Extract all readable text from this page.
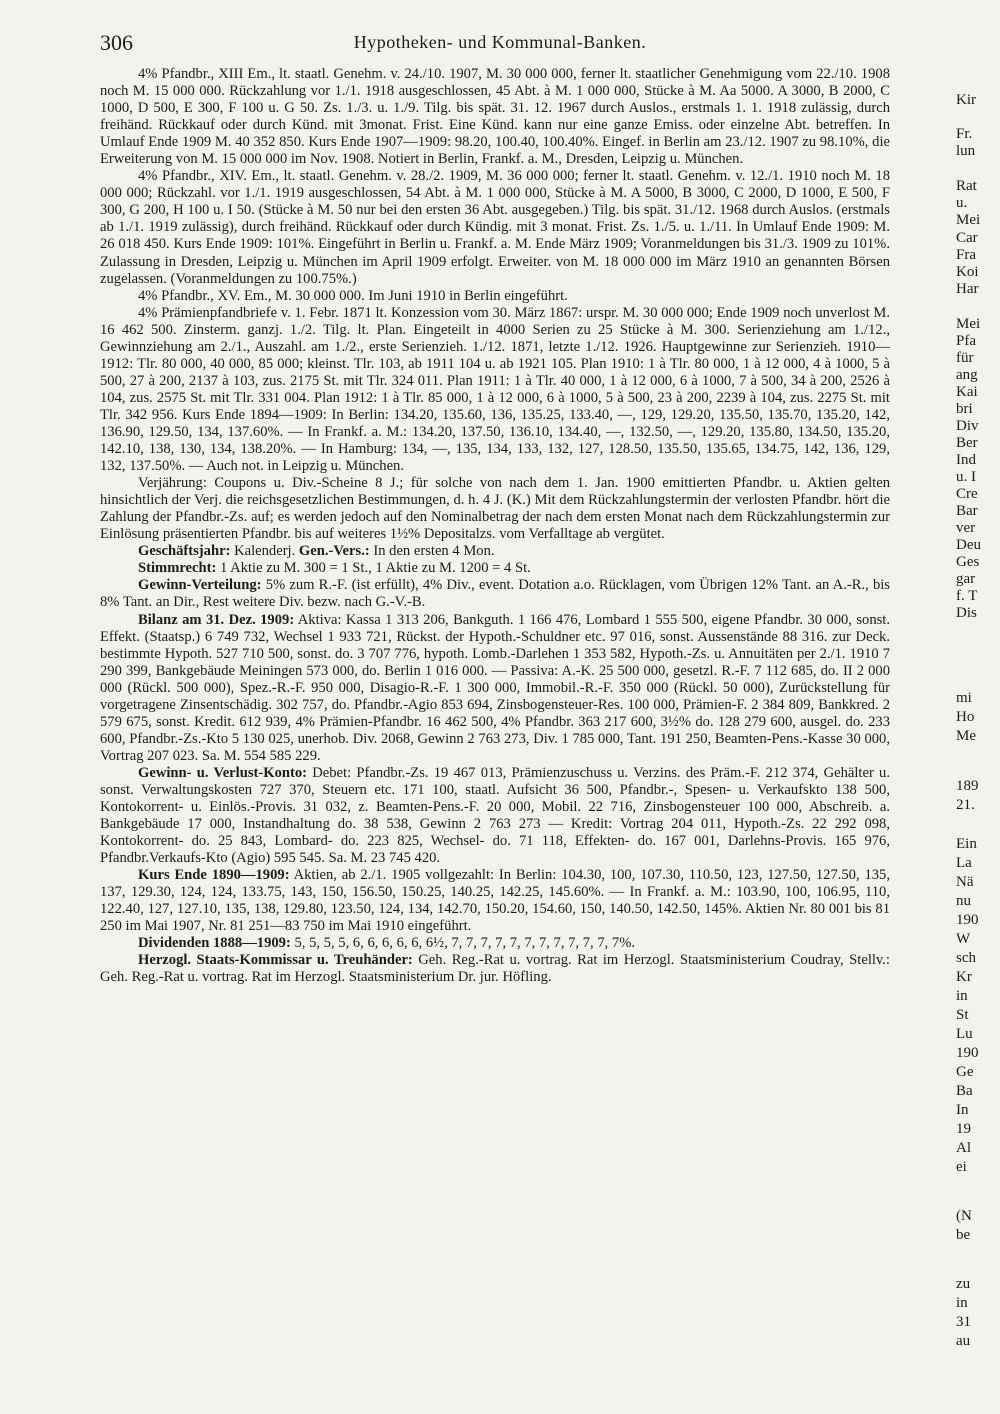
306	Hypotheken- und Kommunal-Banken.

4% Pfandbr., XIII Em., lt. staatl. Genehm. v. 24./10. 1907, M. 30 000 000, ferner lt. staatlicher Genehmigung vom 22./10. 1908 noch M. 15 000 000. Rückzahlung vor 1./1. 1918 ausgeschlossen, 45 Abt. à M. 1 000 000, Stücke à M. Aa 5000. A 3000, B 2000, C 1000, D 500, E 300, F 100 u. G 50. Zs. 1./3. u. 1./9. Tilg. bis spät. 31. 12. 1967 durch Auslos., erstmals 1. 1. 1918 zulässig, durch freihänd. Rückkauf oder durch Künd. mit 3monat. Frist. Eine Künd. kann nur eine ganze Emiss. oder einzelne Abt. betreffen. In Umlauf Ende 1909 M. 40 352 850. Kurs Ende 1907—1909: 98.20, 100.40, 100.40%. Eingef. in Berlin am 23./12. 1907 zu 98.10%, die Erweiterung von M. 15 000 000 im Nov. 1908. Notiert in Berlin, Frankf. a. M., Dresden, Leipzig u. München.

4% Pfandbr., XIV. Em., lt. staatl. Genehm. v. 28./2. 1909, M. 36 000 000; ferner lt. staatl. Genehm. v. 12./1. 1910 noch M. 18 000 000; Rückzahl. vor 1./1. 1919 ausgeschlossen, 54 Abt. à M. 1 000 000, Stücke à M. A 5000, B 3000, C 2000, D 1000, E 500, F 300, G 200, H 100 u. I 50. (Stücke à M. 50 nur bei den ersten 36 Abt. ausgegeben.) Tilg. bis spät. 31./12. 1968 durch Auslos. (erstmals ab 1./1. 1919 zulässig), durch freihänd. Rückkauf oder durch Kündig. mit 3 monat. Frist. Zs. 1./5. u. 1./11. In Umlauf Ende 1909: M. 26 018 450. Kurs Ende 1909: 101%. Eingeführt in Berlin u. Frankf. a. M. Ende März 1909; Voranmeldungen bis 31./3. 1909 zu 101%. Zulassung in Dresden, Leipzig u. München im April 1909 erfolgt. Erweiter. von M. 18 000 000 im März 1910 an genannten Börsen zugelassen. (Voranmeldungen zu 100.75%.)

4% Pfandbr., XV. Em., M. 30 000 000. Im Juni 1910 in Berlin eingeführt.

4% Prämienpfandbriefe v. 1. Febr. 1871 lt. Konzession vom 30. März 1867: urspr. M. 30 000 000; Ende 1909 noch unverlost M. 16 462 500. Zinsterm. ganzj. 1./2. Tilg. lt. Plan. Eingeteilt in 4000 Serien zu 25 Stücke à M. 300. Serienziehung am 1./12., Gewinnziehung am 2./1., Auszahl. am 1./2., erste Serienzieh. 1./12. 1871, letzte 1./12. 1926. Hauptgewinne zur Serienzieh. 1910—1912: Tlr. 80 000, 40 000, 85 000; kleinst. Tlr. 103, ab 1911 104 u. ab 1921 105. Plan 1910: 1 à Tlr. 80 000, 1 à 12 000, 4 à 1000, 5 à 500, 27 à 200, 2137 à 103, zus. 2175 St. mit Tlr. 324 011. Plan 1911: 1 à Tlr. 40 000, 1 à 12 000, 6 à 1000, 7 à 500, 34 à 200, 2526 à 104, zus. 2575 St. mit Tlr. 331 004. Plan 1912: 1 à Tlr. 85 000, 1 à 12 000, 6 à 1000, 5 à 500, 23 à 200, 2239 à 104, zus. 2275 St. mit Tlr. 342 956. Kurs Ende 1894—1909: In Berlin: 134.20, 135.60, 136, 135.25, 133.40, —, 129, 129.20, 135.50, 135.70, 135.20, 142, 136.90, 129.50, 134, 137.60%. — In Frankf. a. M.: 134.20, 137.50, 136.10, 134.40, —, 132.50, —, 129.20, 135.80, 134.50, 135.20, 142.10, 138, 130, 134, 138.20%. — In Hamburg: 134, —, 135, 134, 133, 132, 127, 128.50, 135.50, 135.65, 134.75, 142, 136, 129, 132, 137.50%. — Auch not. in Leipzig u. München.

Verjährung: Coupons u. Div.-Scheine 8 J.; für solche von nach dem 1. Jan. 1900 emittierten Pfandbr. u. Aktien gelten hinsichtlich der Verj. die reichsgesetzlichen Bestimmungen, d. h. 4 J. (K.) Mit dem Rückzahlungstermin der verlosten Pfandbr. hört die Zahlung der Pfandbr.-Zs. auf; es werden jedoch auf den Nominalbetrag der nach dem ersten Monat nach dem Rückzahlungstermin zur Einlösung präsentierten Pfandbr. bis auf weiteres 1½% Depositalzs. vom Verfalltage ab vergütet.

Geschäftsjahr: Kalenderj. Gen.-Vers.: In den ersten 4 Mon.

Stimmrecht: 1 Aktie zu M. 300 = 1 St., 1 Aktie zu M. 1200 = 4 St.

Gewinn-Verteilung: 5% zum R.-F. (ist erfüllt), 4% Div., event. Dotation a.o. Rücklagen, vom Übrigen 12% Tant. an A.-R., bis 8% Tant. an Dir., Rest weitere Div. bezw. nach G.-V.-B.

Bilanz am 31. Dez. 1909: Aktiva: Kassa 1 313 206, Bankguth. 1 166 476, Lombard 1 555 500, eigene Pfandbr. 30 000, sonst. Effekt. (Staatsp.) 6 749 732, Wechsel 1 933 721, Rückst. der Hypoth.-Schuldner etc. 97 016, sonst. Aussenstände 88 316. zur Deck. bestimmte Hypoth. 527 710 500, sonst. do. 3 707 776, hypoth. Lomb.-Darlehen 1 353 582, Hypoth.-Zs. u. Annuitäten per 2./1. 1910 7 290 399, Bankgebäude Meiningen 573 000, do. Berlin 1 016 000. — Passiva: A.-K. 25 500 000, gesetzl. R.-F. 7 112 685, do. II 2 000 000 (Rückl. 500 000), Spez.-R.-F. 950 000, Disagio-R.-F. 1 300 000, Immobil.-R.-F. 350 000 (Rückl. 50 000), Zurückstellung für vorgetragene Zinsentschädig. 302 757, do. Pfandbr.-Agio 853 694, Zinsbogensteuer-Res. 100 000, Prämien-F. 2 384 809, Bankkred. 2 579 675, sonst. Kredit. 612 939, 4% Prämien-Pfandbr. 16 462 500, 4% Pfandbr. 363 217 600, 3½% do. 128 279 600, ausgel. do. 233 600, Pfandbr.-Zs.-Kto 5 130 025, unerhob. Div. 2068, Gewinn 2 763 273, Div. 1 785 000, Tant. 191 250, Beamten-Pens.-Kasse 30 000, Vortrag 207 023. Sa. M. 554 585 229.

Gewinn- u. Verlust-Konto: Debet: Pfandbr.-Zs. 19 467 013, Prämienzuschuss u. Verzins. des Präm.-F. 212 374, Gehälter u. sonst. Verwaltungskosten 727 370, Steuern etc. 171 100, staatl. Aufsicht 36 500, Pfandbr.-, Spesen- u. Verkaufskto 138 500, Kontokorrent- u. Einlös.-Provis. 31 032, z. Beamten-Pens.-F. 20 000, Mobil. 22 716, Zinsbogensteuer 100 000, Abschreib. a. Bankgebäude 17 000, Instandhaltung do. 38 538, Gewinn 2 763 273 — Kredit: Vortrag 204 011, Hypoth.-Zs. 22 292 098, Kontokorrent- do. 25 843, Lombard- do. 223 825, Wechsel- do. 71 118, Effekten- do. 167 001, Darlehns-Provis. 165 976, Pfandbr.Verkaufs-Kto (Agio) 595 545. Sa. M. 23 745 420.

Kurs Ende 1890—1909: Aktien, ab 2./1. 1905 vollgezahlt: In Berlin: 104.30, 100, 107.30, 110.50, 123, 127.50, 127.50, 135, 137, 129.30, 124, 124, 133.75, 143, 150, 156.50, 150.25, 140.25, 142.25, 145.60%. — In Frankf. a. M.: 103.90, 100, 106.95, 110, 122.40, 127, 127.10, 135, 138, 129.80, 123.50, 124, 134, 142.70, 150.20, 154.60, 150, 140.50, 142.50, 145%. Aktien Nr. 80 001 bis 81 250 im Mai 1907, Nr. 81 251—83 750 im Mai 1910 eingeführt.

Dividenden 1888—1909: 5, 5, 5, 5, 6, 6, 6, 6, 6, 6½, 7, 7, 7, 7, 7, 7, 7, 7, 7, 7, 7, 7%.

Herzogl. Staats-Kommissar u. Treuhänder: Geh. Reg.-Rat u. vortrag. Rat im Herzogl. Staatsministerium Coudray, Stellv.: Geh. Reg.-Rat u. vortrag. Rat im Herzogl. Staatsministerium Dr. jur. Höfling.

Kir
Fr.
lun
Rat
u.
Mei
Car
Fra
Koi
Har
Mei
Pfa
für
ang
Kai
bri
Div
Ber
Ind
u. I
Cre
Bar
ver
Deu
Ges
gar
f. T
Dis
mi
Ho
Me
189
21.
Ein
La
Nä
nu
190
W
sch
Kr
in
St
Lu
190
Ge
Ba
In
19
Al
ei
(N
be
zu
in
31
au
